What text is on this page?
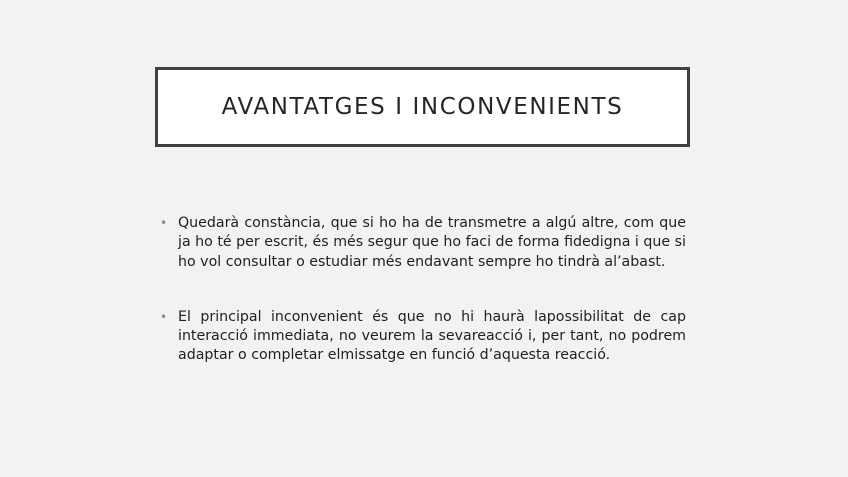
AVANTATGES I INCONVENIENTS
• Quedarà constància, que si ho ha de transmetre a algú altre, com que ja ho té per escrit, és més segur que ho faci de forma fidedigna i que si ho vol consultar o estudiar més endavant sempre ho tindrà al’abast.
• El principal inconvenient és que no hi haurà lapossibilitat de cap interacció immediata, no veurem la sevareacció i, per tant, no podrem adaptar o completar elmissatge en funció d’aquesta reacció.
